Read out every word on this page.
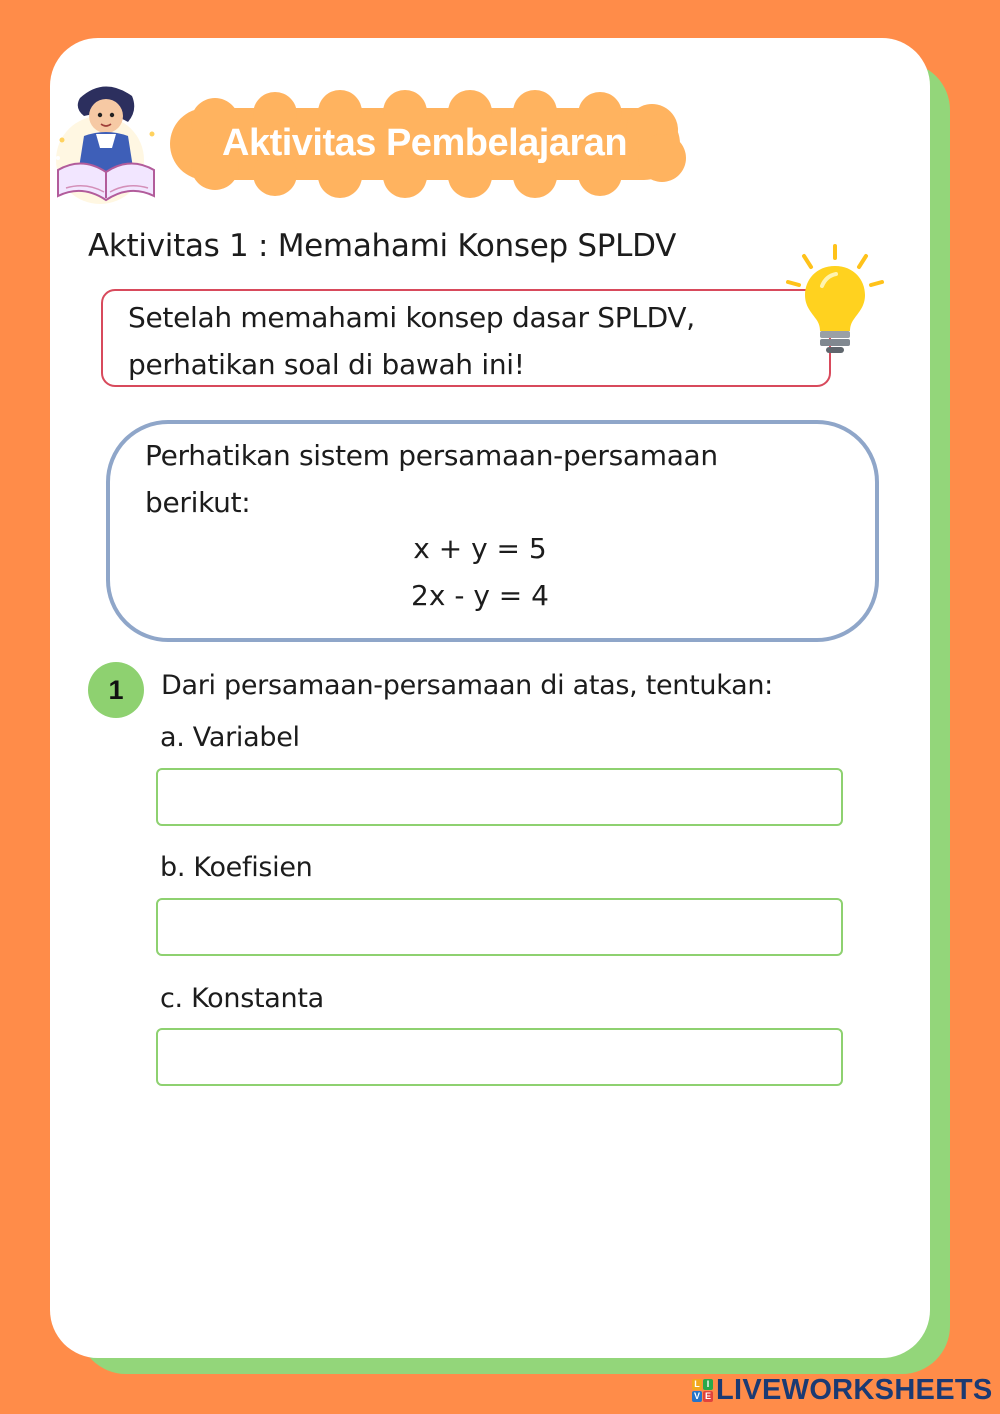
Aktivitas Pembelajaran
Aktivitas 1 : Memahami Konsep SPLDV
Setelah memahami konsep dasar SPLDV,
perhatikan soal di bawah ini!
Perhatikan sistem persamaan-persamaan
berikut:
x + y = 5
2x - y = 4
1	Dari persamaan-persamaan di atas, tentukan:
a. Variabel
b. Koefisien
c. Konstanta
L I
V E LIVEWORKSHEETS
